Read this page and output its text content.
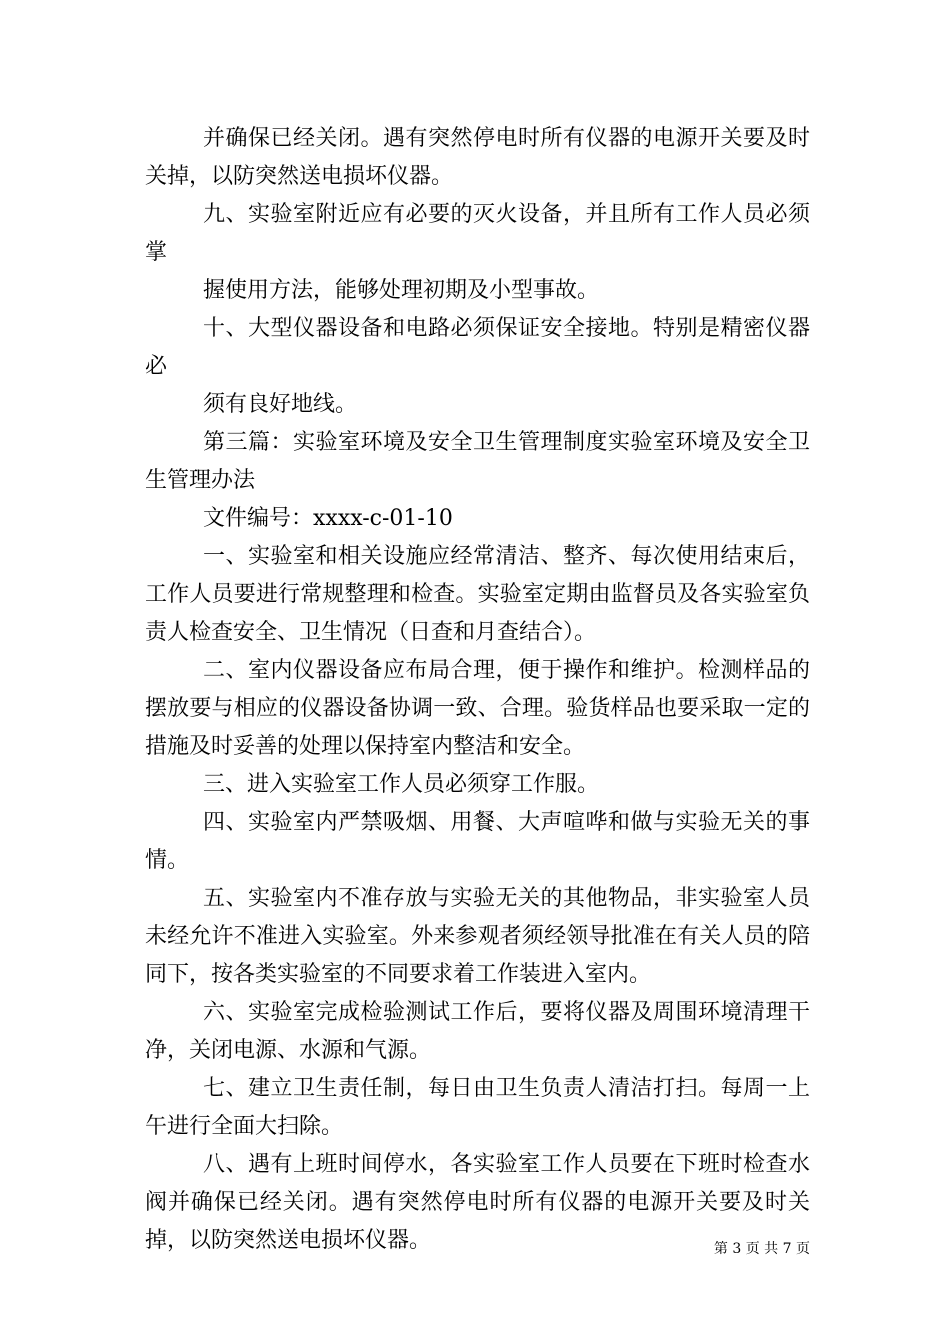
并确保已经关闭。遇有突然停电时所有仪器的电源开关要及时关掉，以防突然送电损坏仪器。

九、实验室附近应有必要的灭火设备，并且所有工作人员必须掌

握使用方法，能够处理初期及小型事故。

十、大型仪器设备和电路必须保证安全接地。特别是精密仪器必

须有良好地线。

第三篇：实验室环境及安全卫生管理制度实验室环境及安全卫生管理办法

文件编号：xxxx-c-01-10

一、实验室和相关设施应经常清洁、整齐、每次使用结束后，工作人员要进行常规整理和检查。实验室定期由监督员及各实验室负责人检查安全、卫生情况（日查和月查结合）。

二、室内仪器设备应布局合理，便于操作和维护。检测样品的摆放要与相应的仪器设备协调一致、合理。验货样品也要采取一定的措施及时妥善的处理以保持室内整洁和安全。

三、进入实验室工作人员必须穿工作服。

四、实验室内严禁吸烟、用餐、大声喧哗和做与实验无关的事情。

五、实验室内不准存放与实验无关的其他物品，非实验室人员未经允许不准进入实验室。外来参观者须经领导批准在有关人员的陪同下，按各类实验室的不同要求着工作装进入室内。

六、实验室完成检验测试工作后，要将仪器及周围环境清理干净，关闭电源、水源和气源。

七、建立卫生责任制，每日由卫生负责人清洁打扫。每周一上午进行全面大扫除。

八、遇有上班时间停水，各实验室工作人员要在下班时检查水阀并确保已经关闭。遇有突然停电时所有仪器的电源开关要及时关掉，以防突然送电损坏仪器。	第 3 页 共 7 页
